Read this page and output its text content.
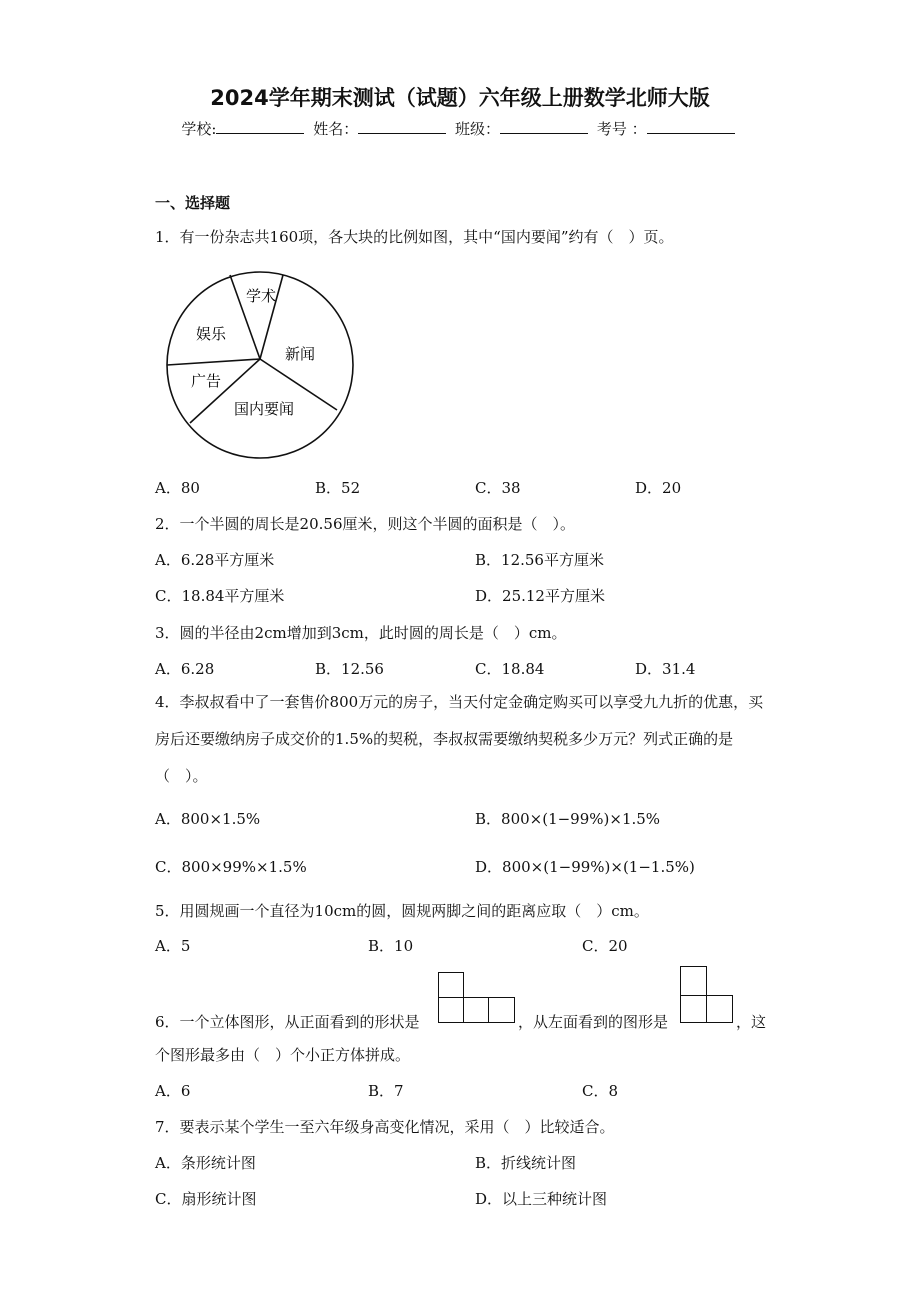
2024学年期末测试（试题）六年级上册数学北师大版
学校:	姓名：	班级：	考号 ：
一、选择题
1．有一份杂志共160项，各大块的比例如图，其中“国内要闻”约有（　）页。
学术
新闻
国内要闻
广告
娱乐
A．80	B．52	C．38	D．20
2．一个半圆的周长是20.56厘米，则这个半圆的面积是（　）。
A．6.28平方厘米	B．12.56平方厘米
C．18.84平方厘米	D．25.12平方厘米
3．圆的半径由2cm增加到3cm，此时圆的周长是（　）cm。
A．6.28	B．12.56	C．18.84	D．31.4
4．李叔叔看中了一套售价800万元的房子，当天付定金确定购买可以享受九九折的优惠，买房后还要缴纳房子成交价的1.5%的契税，李叔叔需要缴纳契税多少万元？列式正确的是（　）。
A．800×1.5%	B．800×(1−99%)×1.5%
C．800×99%×1.5%	D．800×(1−99%)×(1−1.5%)
5．用圆规画一个直径为10cm的圆，圆规两脚之间的距离应取（　）cm。
A．5	B．10	C．20
6．一个立体图形，从正面看到的形状是	，从左面看到的图形是	，这
个图形最多由（　）个小正方体拼成。
A．6	B．7	C．8
7．要表示某个学生一至六年级身高变化情况，采用（　）比较适合。
A．条形统计图	B．折线统计图
C．扇形统计图	D．以上三种统计图
